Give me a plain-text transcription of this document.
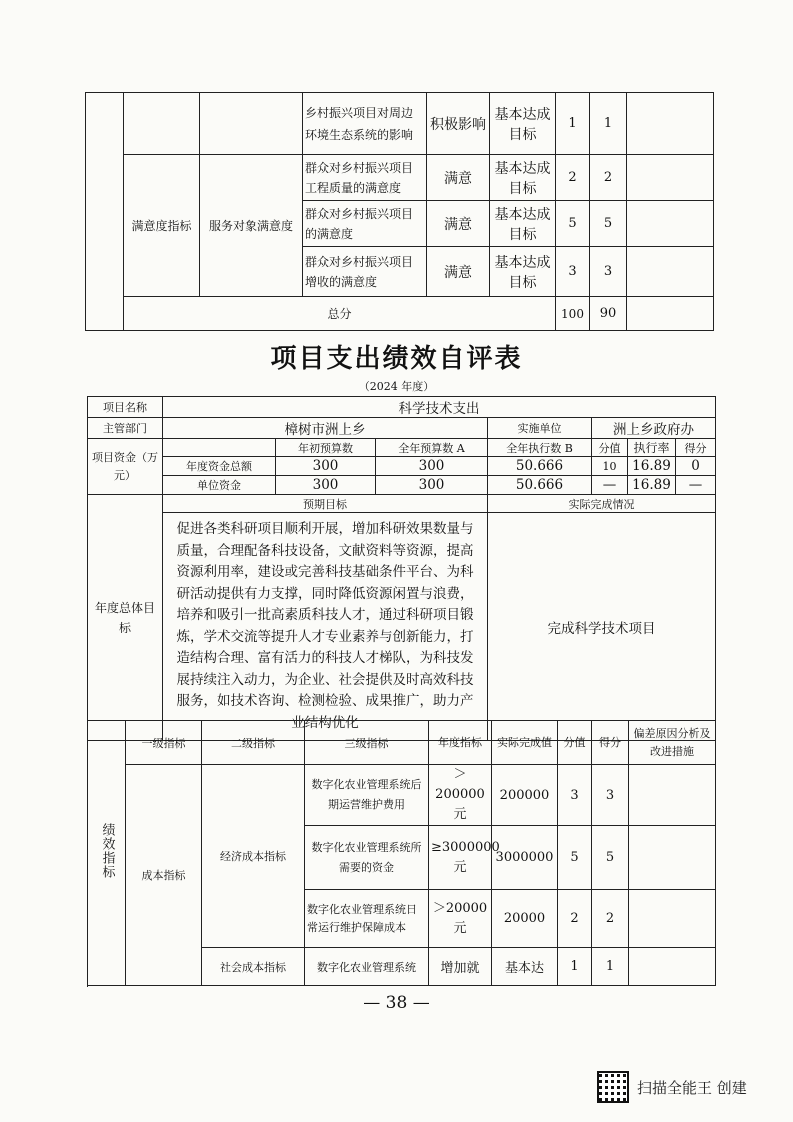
			乡村振兴项目对周边环境生态系统的影响	积极影响	基本达成目标	1	1	
	满意度指标	服务对象满意度	群众对乡村振兴项目工程质量的满意度	满意	基本达成目标	2	2	
			群众对乡村振兴项目的满意度	满意	基本达成目标	5	5	
			群众对乡村振兴项目增收的满意度	满意	基本达成目标	3	3	
	总分					100	90	
项目支出绩效自评表
（2024 年度）
项目名称	科学技术支出						
主管部门	樟树市洲上乡			实施单位	洲上乡政府办		
项目资金（万元）		年初预算数	全年预算数 A	全年执行数 B	分值	执行率	得分
	年度资金总额	300	300	50.666	10	16.89	0
	单位资金	300	300	50.666	—	16.89	—
年度总体目标	预期目标			实际完成情况			
	促进各类科研项目顺利开展，增加科研效果数量与质量，合理配备科技设备，文献资料等资源，提高资源利用率，建设或完善科技基础条件平台、为科研活动提供有力支撑，同时降低资源闲置与浪费，培养和吸引一批高素质科技人才，通过科研项目锻炼，学术交流等提升人才专业素养与创新能力，打造结构合理、富有活力的科技人才梯队，为科技发展持续注入动力，为企业、社会提供及时高效科技服务，如技术咨询、检测检验、成果推广，助力产业结构优化			完成科学技术项目			
绩效指标	一级指标	二级指标	三级指标	年度指标	实际完成值	分值	得分	偏差原因分析及改进措施
	成本指标	经济成本指标	数字化农业管理系统后期运营维护费用	＞200000元	200000	3	3	
			数字化农业管理系统所需要的资金	≥3000000元	3000000	5	5	
			数字化农业管理系统日常运行维护保障成本	＞20000元	20000	2	2	
		社会成本指标	数字化农业管理系统	增加就	基本达	1	1	

— 38 —
扫描全能王 创建
